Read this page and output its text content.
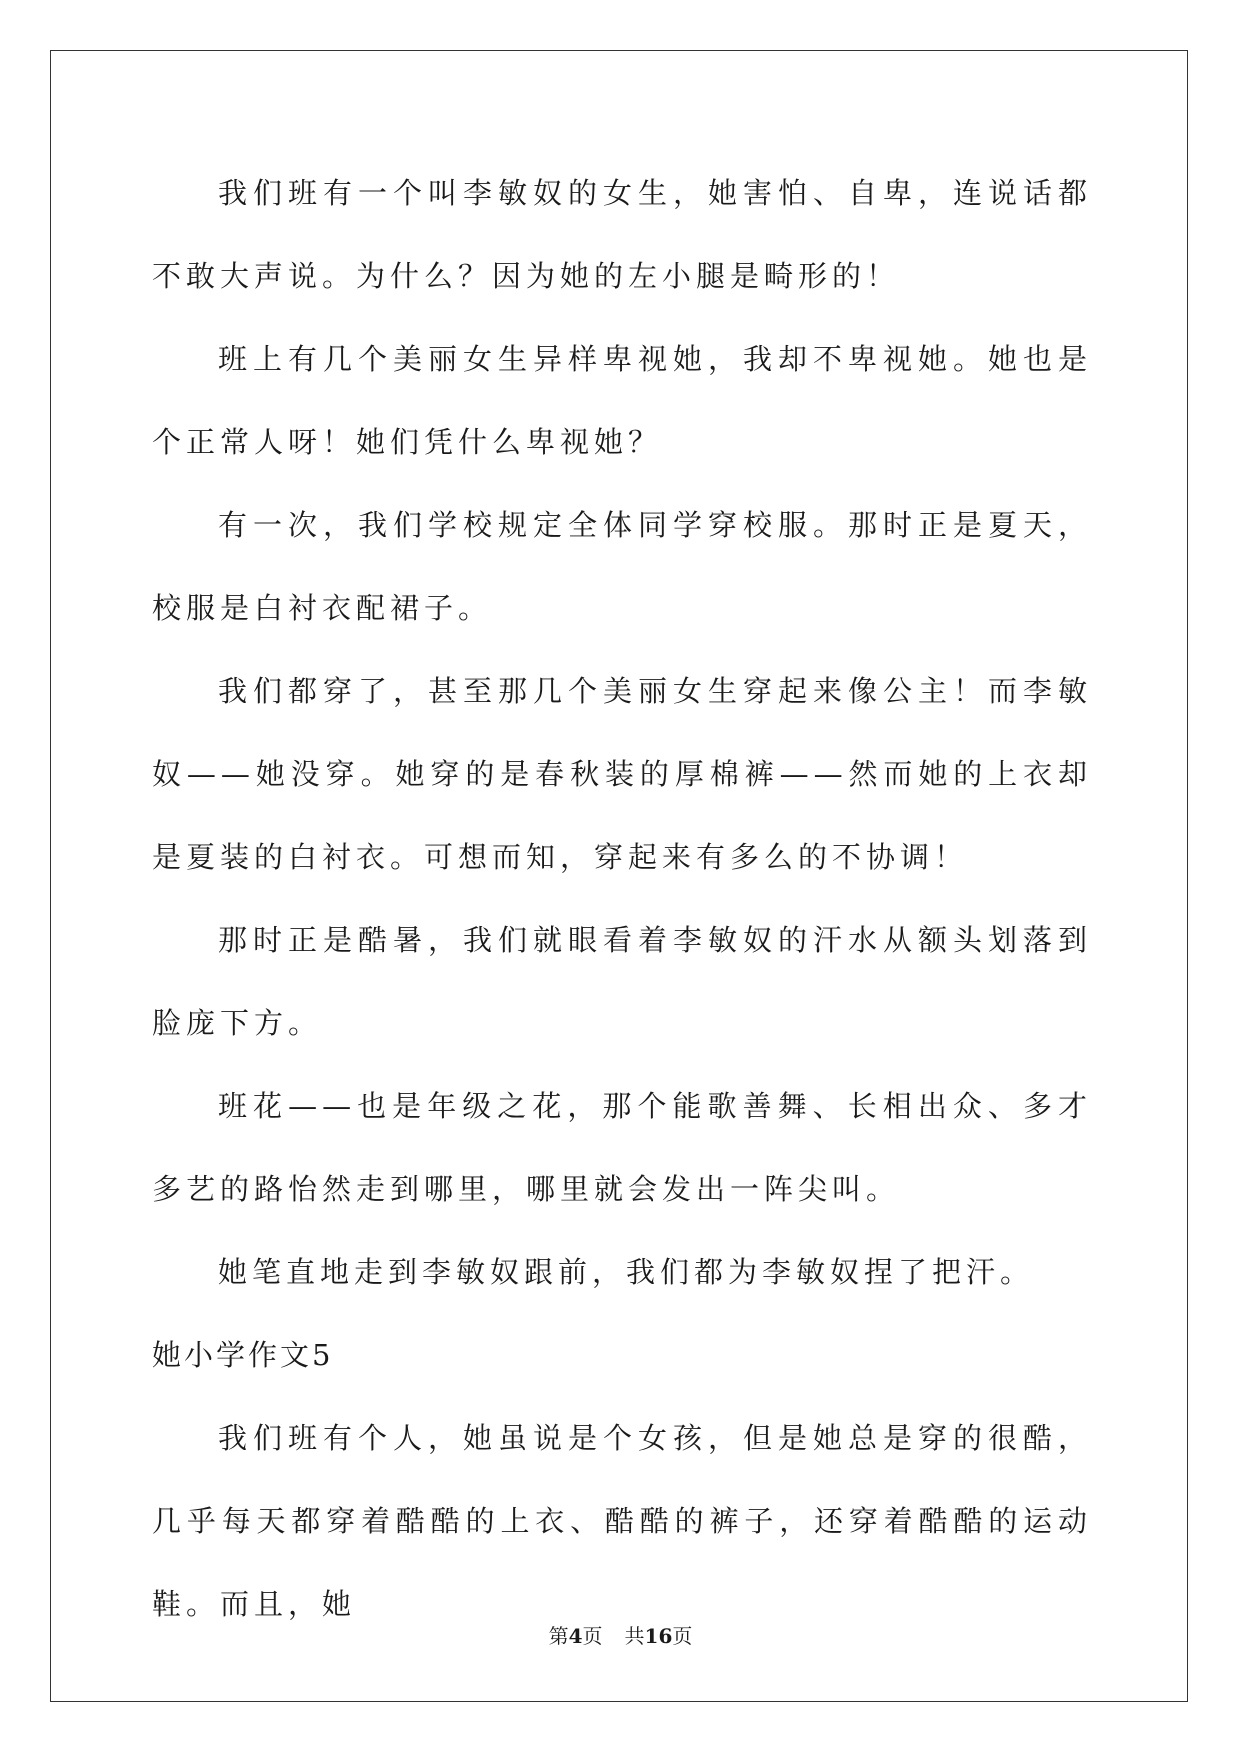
我们班有一个叫李敏奴的女生，她害怕、自卑，连说话都不敢大声说。为什么？因为她的左小腿是畸形的！

班上有几个美丽女生异样卑视她，我却不卑视她。她也是个正常人呀！她们凭什么卑视她？

有一次，我们学校规定全体同学穿校服。那时正是夏天，校服是白衬衣配裙子。

我们都穿了，甚至那几个美丽女生穿起来像公主！而李敏奴——她没穿。她穿的是春秋装的厚棉裤——然而她的上衣却是夏装的白衬衣。可想而知，穿起来有多么的不协调！

那时正是酷暑，我们就眼看着李敏奴的汗水从额头划落到脸庞下方。

班花——也是年级之花，那个能歌善舞、长相出众、多才多艺的路怡然走到哪里，哪里就会发出一阵尖叫。

她笔直地走到李敏奴跟前，我们都为李敏奴捏了把汗。

她小学作文5

我们班有个人，她虽说是个女孩，但是她总是穿的很酷，几乎每天都穿着酷酷的上衣、酷酷的裤子，还穿着酷酷的运动鞋。而且，她

第4页 共16页
